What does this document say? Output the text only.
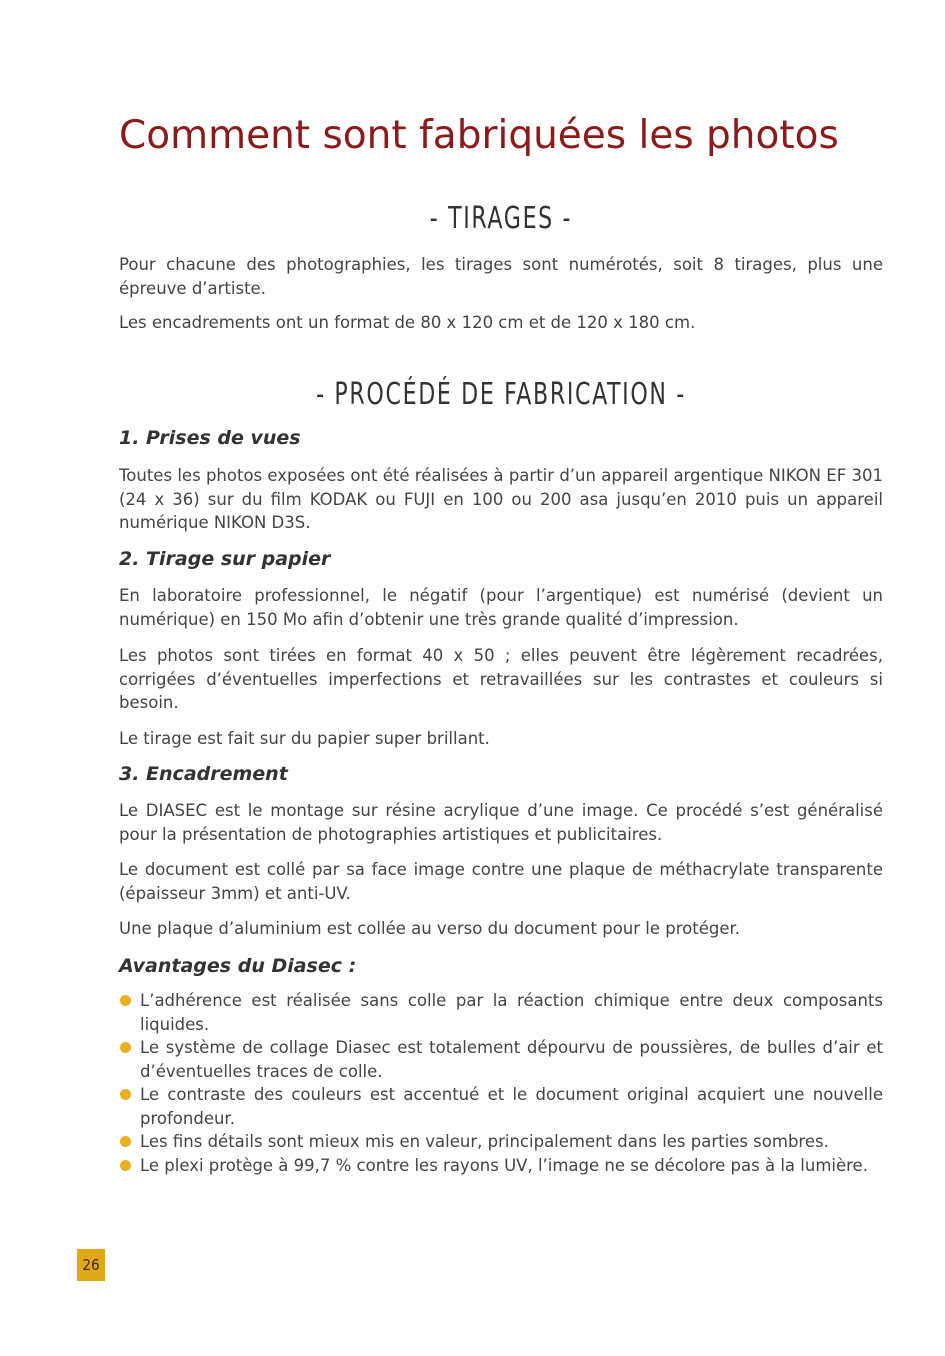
Comment sont fabriquées les photos
- TIRAGES -

Pour chacune des photographies, les tirages sont numérotés, soit 8 tirages, plus une épreuve d’artiste.

Les encadrements ont un format de 80 x 120 cm et de 120 x 180 cm.

- PROCÉDÉ DE FABRICATION -
1. Prises de vues

Toutes les photos exposées ont été réalisées à partir d’un appareil argentique NIKON EF 301 (24 x 36) sur du film KODAK ou FUJI en 100 ou 200 asa jusqu’en 2010 puis un appareil numérique NIKON D3S.

2. Tirage sur papier

En laboratoire professionnel, le négatif (pour l’argentique) est numérisé (devient un numérique) en 150 Mo afin d’obtenir une très grande qualité d’impression.

Les photos sont tirées en format 40 x 50 ; elles peuvent être légèrement recadrées, corrigées d’éventuelles imperfections et retravaillées sur les contrastes et couleurs si besoin.

Le tirage est fait sur du papier super brillant.

3. Encadrement

Le DIASEC est le montage sur résine acrylique d’une image. Ce procédé s’est généralisé pour la présentation de photographies artistiques et publicitaires.

Le document est collé par sa face image contre une plaque de méthacrylate transparente (épaisseur 3mm) et anti-UV.

Une plaque d’aluminium est collée au verso du document pour le protéger.

Avantages du Diasec :
L’adhérence est réalisée sans colle par la réaction chimique entre deux composants liquides.
Le système de collage Diasec est totalement dépourvu de poussières, de bulles d’air et d’éventuelles traces de colle.
Le contraste des couleurs est accentué et le document original acquiert une nouvelle profondeur.
Les fins détails sont mieux mis en valeur, principalement dans les parties sombres.
Le plexi protège à 99,7 % contre les rayons UV, l’image ne se décolore pas à la lumière.
26
